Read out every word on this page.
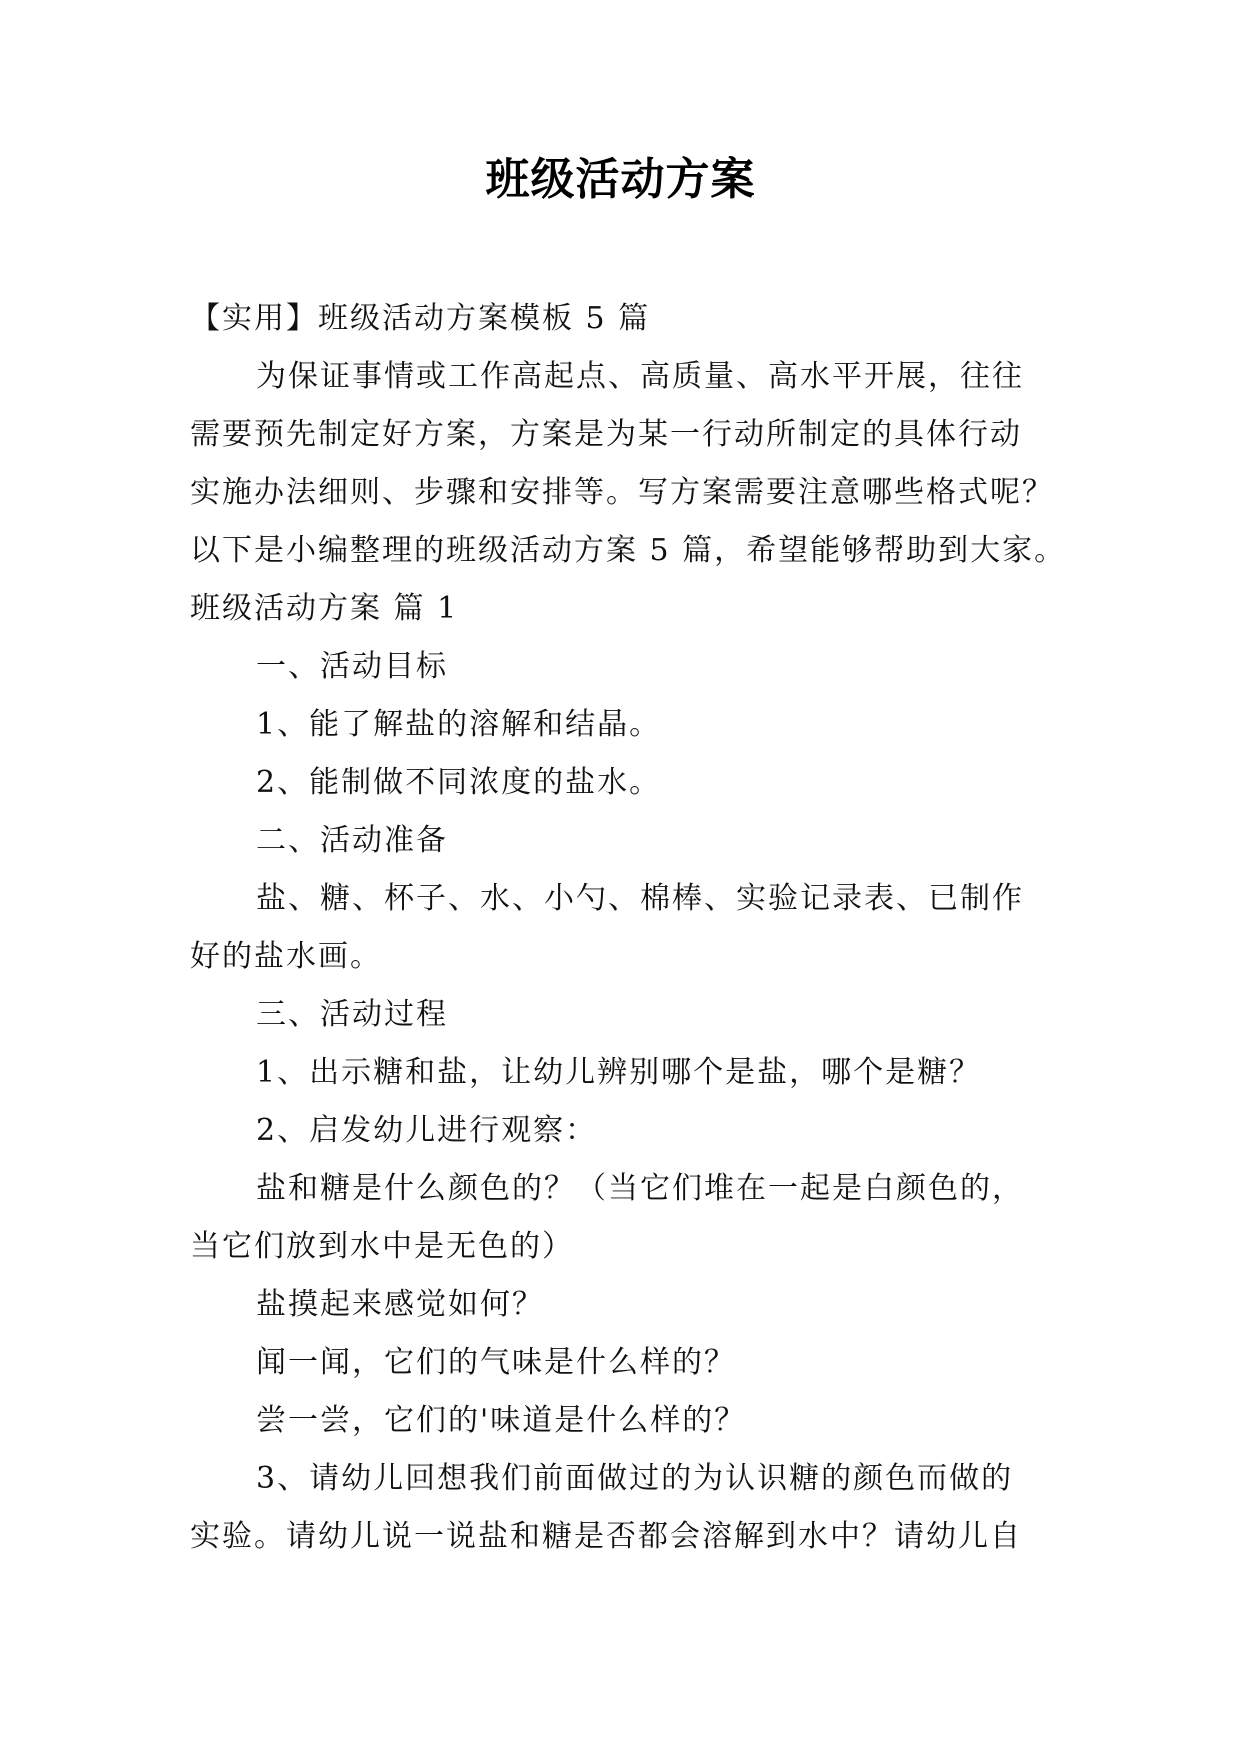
班级活动方案
【实用】班级活动方案模板 5 篇
为保证事情或工作高起点、高质量、高水平开展，往往
需要预先制定好方案，方案是为某一行动所制定的具体行动
实施办法细则、步骤和安排等。写方案需要注意哪些格式呢？
以下是小编整理的班级活动方案 5 篇，希望能够帮助到大家。
班级活动方案 篇 1
一、活动目标
1、能了解盐的溶解和结晶。
2、能制做不同浓度的盐水。
二、活动准备
盐、糖、杯子、水、小勺、棉棒、实验记录表、已制作
好的盐水画。
三、活动过程
1、出示糖和盐，让幼儿辨别哪个是盐，哪个是糖？
2、启发幼儿进行观察：
盐和糖是什么颜色的？（当它们堆在一起是白颜色的，
当它们放到水中是无色的）
盐摸起来感觉如何？
闻一闻，它们的气味是什么样的？
尝一尝，它们的'味道是什么样的？
3、请幼儿回想我们前面做过的为认识糖的颜色而做的
实验。请幼儿说一说盐和糖是否都会溶解到水中？请幼儿自
